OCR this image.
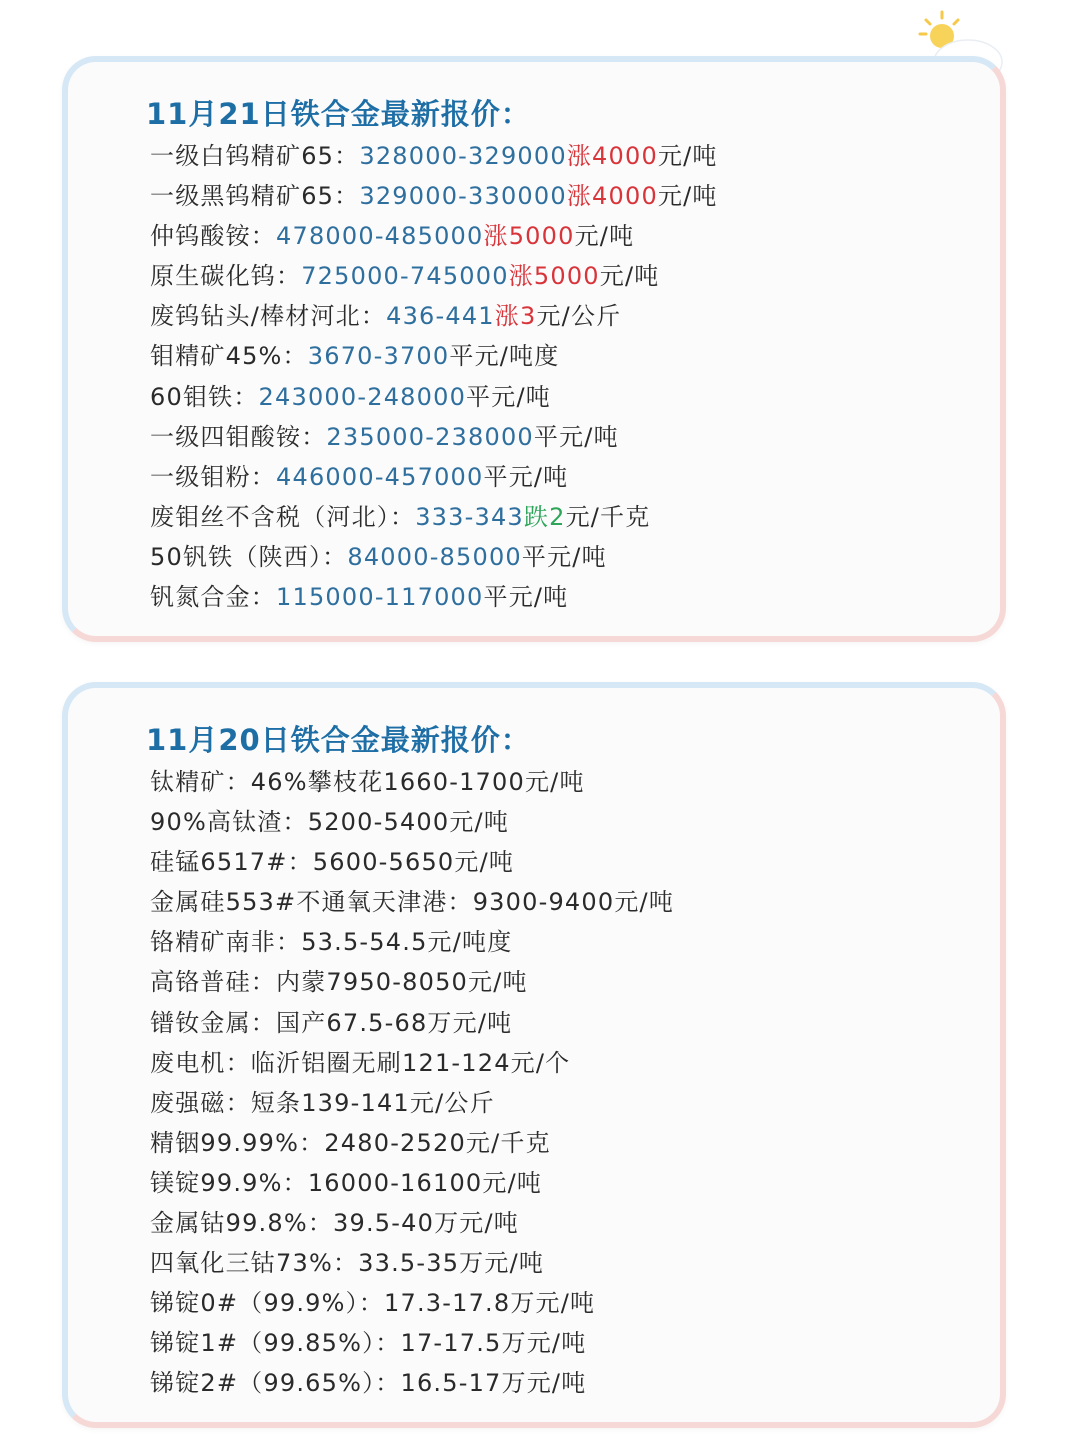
11月21日铁合金最新报价：
一级白钨精矿65：328000-329000涨4000元/吨
一级黑钨精矿65：329000-330000涨4000元/吨
仲钨酸铵：478000-485000涨5000元/吨
原生碳化钨：725000-745000涨5000元/吨
废钨钻头/棒材河北：436-441涨3元/公斤
钼精矿45%：3670-3700平元/吨度
60钼铁：243000-248000平元/吨
一级四钼酸铵：235000-238000平元/吨
一级钼粉：446000-457000平元/吨
废钼丝不含税（河北）：333-343跌2元/千克
50钒铁（陕西）：84000-85000平元/吨
钒氮合金：115000-117000平元/吨
11月20日铁合金最新报价：
钛精矿：46%攀枝花1660-1700元/吨
90%高钛渣：5200-5400元/吨
硅锰6517#：5600-5650元/吨
金属硅553#不通氧天津港：9300-9400元/吨
铬精矿南非：53.5-54.5元/吨度
高铬普硅：内蒙7950-8050元/吨
镨钕金属：国产67.5-68万元/吨
废电机：临沂铝圈无刷121-124元/个
废强磁：短条139-141元/公斤
精铟99.99%：2480-2520元/千克
镁锭99.9%：16000-16100元/吨
金属钴99.8%：39.5-40万元/吨
四氧化三钴73%：33.5-35万元/吨
锑锭0#（99.9%）：17.3-17.8万元/吨
锑锭1#（99.85%）：17-17.5万元/吨
锑锭2#（99.65%）：16.5-17万元/吨
